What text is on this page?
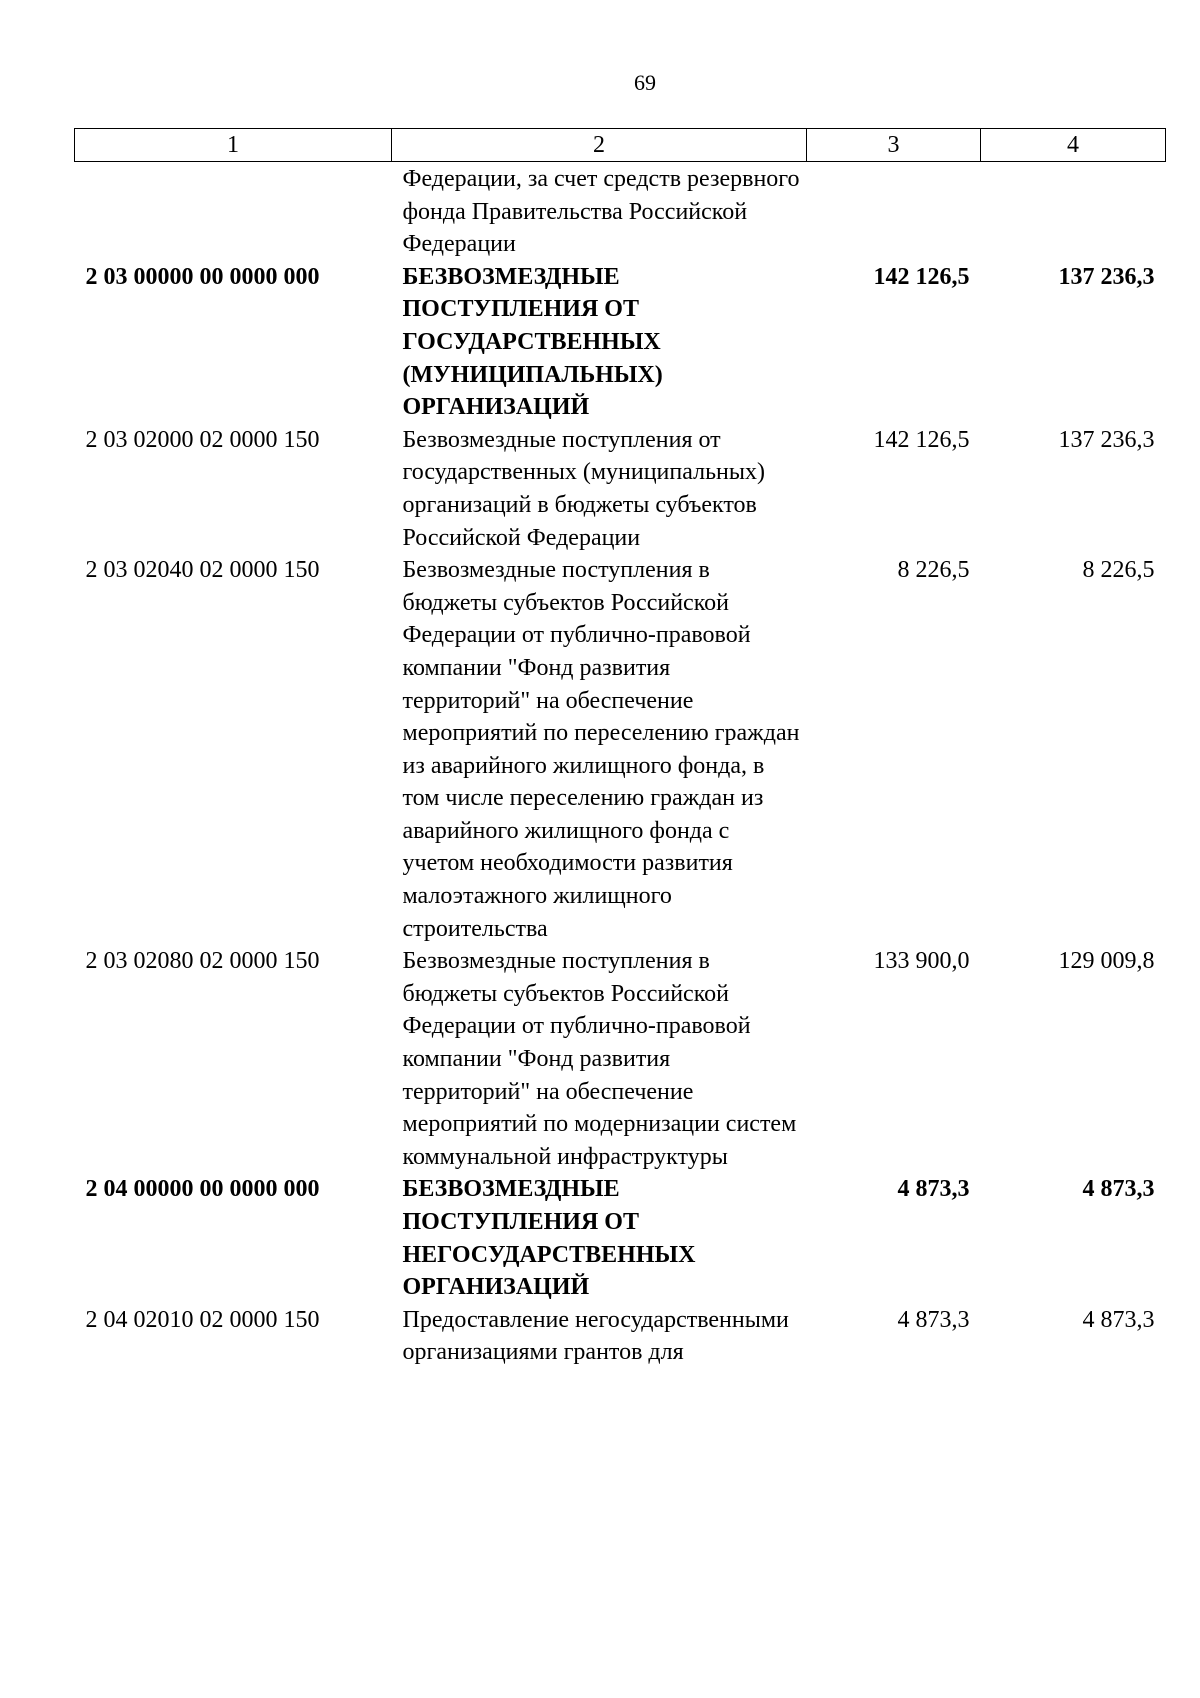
69
1	2	3	4
	Федерации, за счет средств резервного фонда Правительства Российской Федерации		
2 03 00000 00 0000 000	БЕЗВОЗМЕЗДНЫЕ ПОСТУПЛЕНИЯ ОТ ГОСУДАРСТВЕННЫХ (МУНИЦИПАЛЬНЫХ) ОРГАНИЗАЦИЙ	142 126,5	137 236,3
2 03 02000 02 0000 150	Безвозмездные поступления от государственных (муниципальных) организаций в бюджеты субъектов Российской Федерации	142 126,5	137 236,3
2 03 02040 02 0000 150	Безвозмездные поступления в бюджеты субъектов Российской Федерации от публично-правовой компании "Фонд развития территорий" на обеспечение мероприятий по переселению граждан из аварийного жилищного фонда, в том числе переселению граждан из аварийного жилищного фонда с учетом необходимости развития малоэтажного жилищного строительства	8 226,5	8 226,5
2 03 02080 02 0000 150	Безвозмездные поступления в бюджеты субъектов Российской Федерации от публично-правовой компании "Фонд развития территорий" на обеспечение мероприятий по модернизации систем коммунальной инфраструктуры	133 900,0	129 009,8
2 04 00000 00 0000 000	БЕЗВОЗМЕЗДНЫЕ ПОСТУПЛЕНИЯ ОТ НЕГОСУДАРСТВЕННЫХ ОРГАНИЗАЦИЙ	4 873,3	4 873,3
2 04 02010 02 0000 150	Предоставление негосударственными организациями грантов для	4 873,3	4 873,3
